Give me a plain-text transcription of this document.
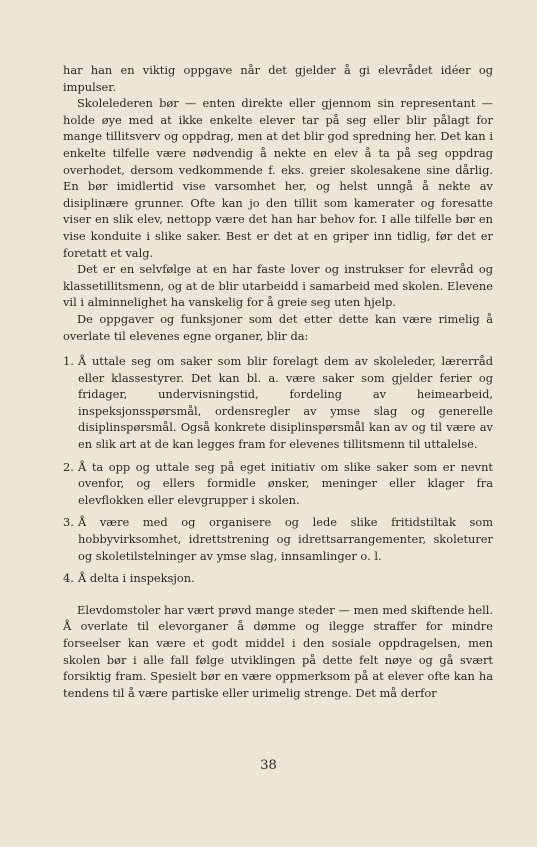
har han en viktig oppgave når det gjelder å gi elevrådet idéer og impulser.

Skolelederen bør — enten direkte eller gjennom sin representant — holde øye med at ikke enkelte elever tar på seg eller blir pålagt for mange tillitsverv og oppdrag, men at det blir god spredning her. Det kan i enkelte tilfelle være nødvendig å nekte en elev å ta på seg oppdrag overhodet, dersom vedkommende f. eks. greier skolesakene sine dårlig. En bør imidlertid vise varsomhet her, og helst unngå å nekte av disiplinære grunner. Ofte kan jo den tillit som kamerater og foresatte viser en slik elev, nettopp være det han har behov for. I alle tilfelle bør en vise konduite i slike saker. Best er det at en griper inn tidlig, før det er foretatt et valg.

Det er en selvfølge at en har faste lover og instrukser for elevråd og klassetillitsmenn, og at de blir utarbeidd i samarbeid med skolen. Elevene vil i alminnelighet ha vanskelig for å greie seg uten hjelp.

De oppgaver og funksjoner som det etter dette kan være rimelig å overlate til elevenes egne organer, blir da:

1. Å uttale seg om saker som blir forelagt dem av skoleleder, lærerråd eller klassestyrer. Det kan bl. a. være saker som gjelder ferier og fridager, undervisningstid, fordeling av heimearbeid, inspeksjonsspørsmål, ordensregler av ymse slag og generelle disiplinspørsmål. Også konkrete disiplinspørsmål kan av og til være av en slik art at de kan legges fram for elevenes tillitsmenn til uttalelse.
2. Å ta opp og uttale seg på eget initiativ om slike saker som er nevnt ovenfor, og ellers formidle ønsker, meninger eller klager fra elevflokken eller elevgrupper i skolen.
3. Å være med og organisere og lede slike fritidstiltak som hobbyvirksomhet, idrettstrening og idrettsarrangementer, skoleturer og skoletilstelninger av ymse slag, innsamlinger o. l.
4. Å delta i inspeksjon.

Elevdomstoler har vært prøvd mange steder — men med skiftende hell. Å overlate til elevorganer å dømme og ilegge straffer for mindre forseelser kan være et godt middel i den sosiale oppdragelsen, men skolen bør i alle fall følge utviklingen på dette felt nøye og gå svært forsiktig fram. Spesielt bør en være oppmerksom på at elever ofte kan ha tendens til å være partiske eller urimelig strenge. Det må derfor

38
